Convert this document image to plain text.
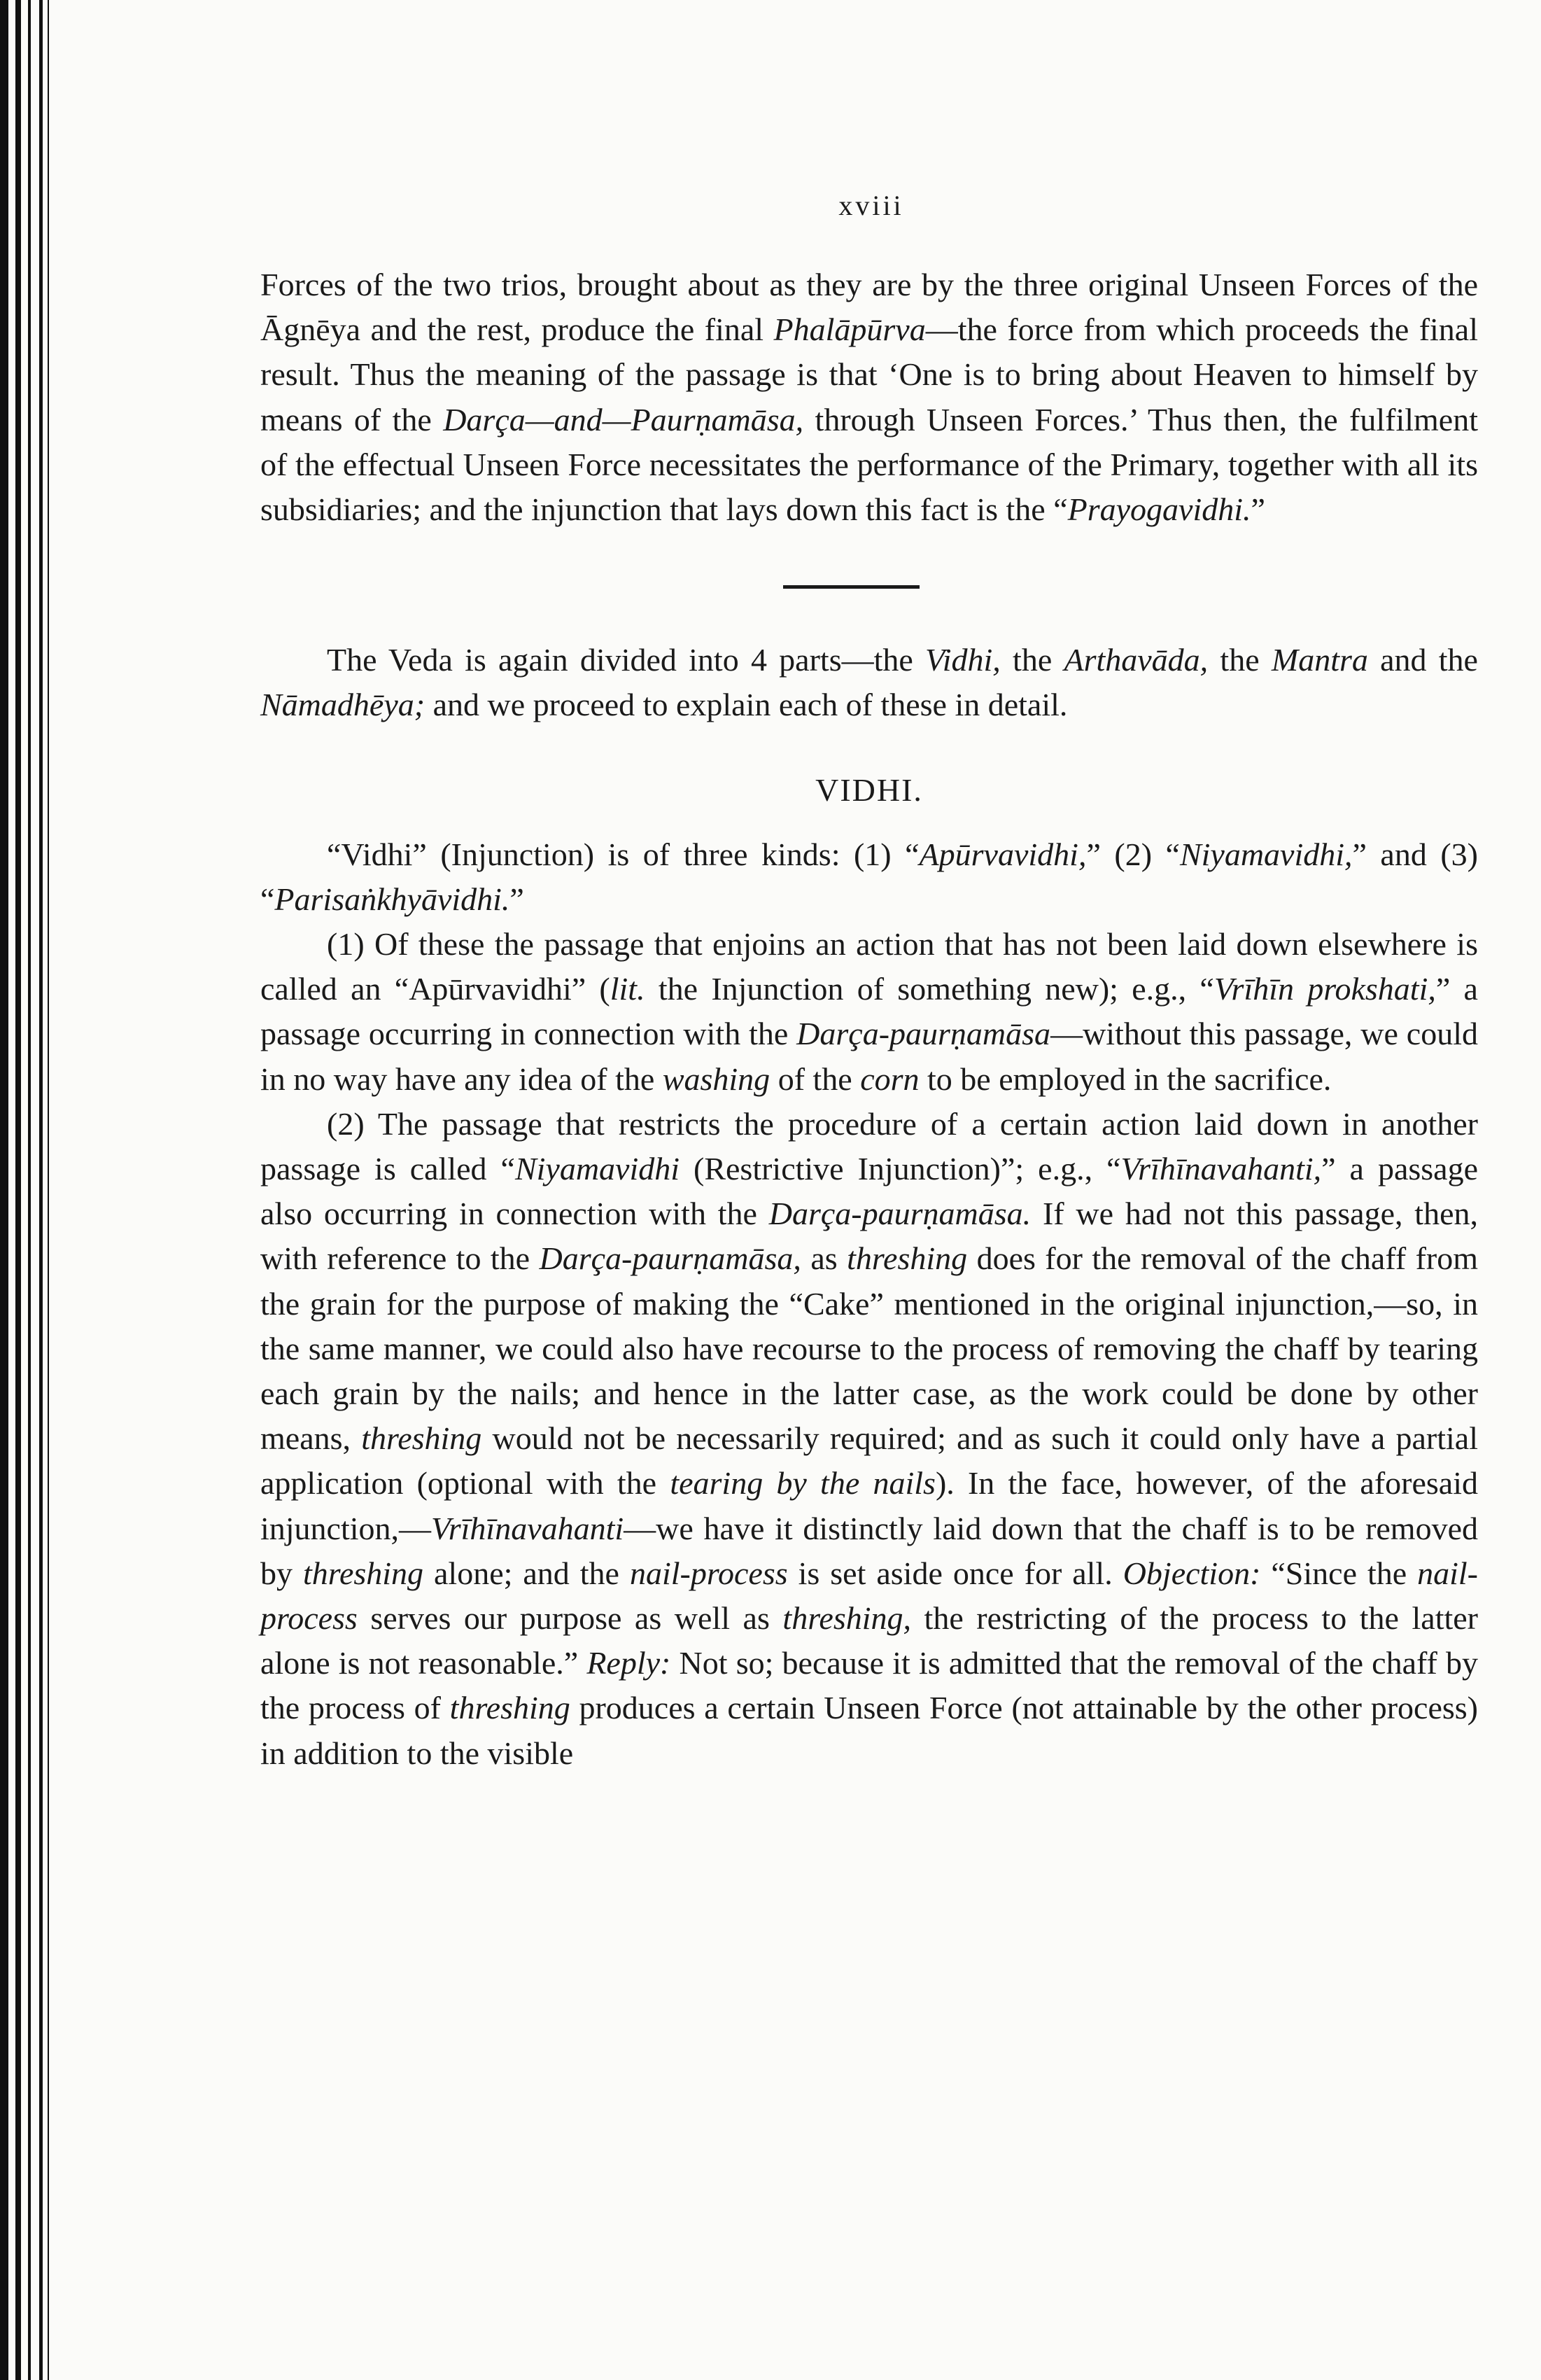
xviii

Forces of the two trios, brought about as they are by the three original Unseen Forces of the Āgnēya and the rest, produce the final Phalāpūrva—the force from which proceeds the final result. Thus the meaning of the passage is that ‘One is to bring about Heaven to himself by means of the Darça—and—Paurṇamāsa, through Unseen Forces.’ Thus then, the fulfilment of the effectual Unseen Force necessitates the performance of the Primary, together with all its subsidiaries; and the injunction that lays down this fact is the “Prayogavidhi.”

The Veda is again divided into 4 parts—the Vidhi, the Arthavāda, the Mantra and the Nāmadhēya; and we proceed to explain each of these in detail.

VIDHI.

“Vidhi” (Injunction) is of three kinds: (1) “Apūrvavidhi,” (2) “Niyamavidhi,” and (3) “Parisaṅkhyāvidhi.”

(1) Of these the passage that enjoins an action that has not been laid down elsewhere is called an “Apūrvavidhi” (lit. the Injunction of something new); e.g., “Vrīhīn prokshati,” a passage occurring in connection with the Darça-paurṇamāsa—without this passage, we could in no way have any idea of the washing of the corn to be employed in the sacrifice.

(2) The passage that restricts the procedure of a certain action laid down in another passage is called “Niyamavidhi (Restrictive Injunction)”; e.g., “Vrīhīnavahanti,” a passage also occurring in connection with the Darça-paurṇamāsa. If we had not this passage, then, with reference to the Darça-paurṇamāsa, as threshing does for the removal of the chaff from the grain for the purpose of making the “Cake” mentioned in the original injunction,—so, in the same manner, we could also have recourse to the process of removing the chaff by tearing each grain by the nails; and hence in the latter case, as the work could be done by other means, threshing would not be necessarily required; and as such it could only have a partial application (optional with the tearing by the nails). In the face, however, of the aforesaid injunction,—Vrīhīnavahanti—we have it distinctly laid down that the chaff is to be removed by threshing alone; and the nail-process is set aside once for all. Objection: “Since the nail-process serves our purpose as well as threshing, the restricting of the process to the latter alone is not reasonable.” Reply: Not so; because it is admitted that the removal of the chaff by the process of threshing produces a certain Unseen Force (not attainable by the other process) in addition to the visible
